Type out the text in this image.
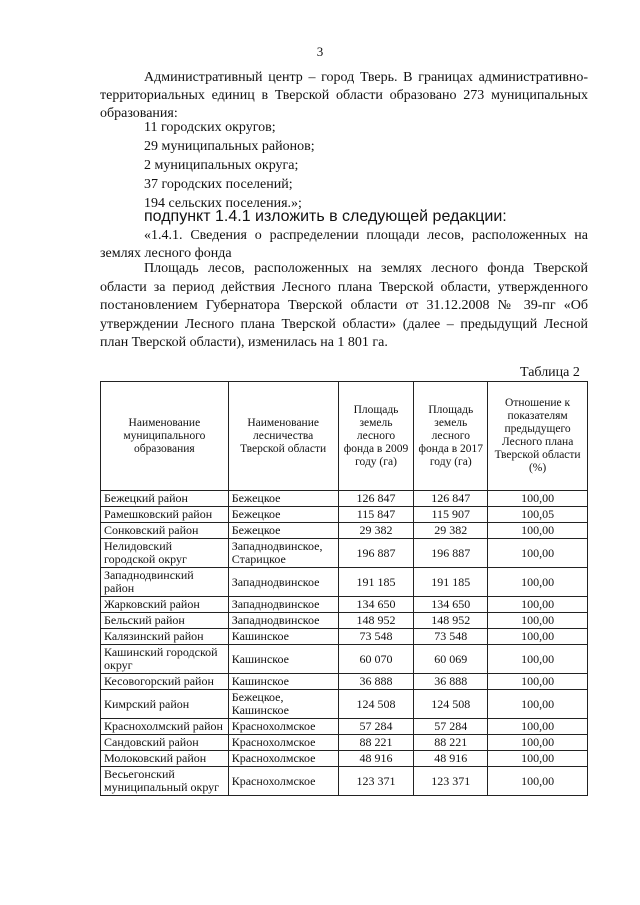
3
Административный центр – город Тверь. В границах административно-территориальных единиц в Тверской области образовано 273 муниципальных образования:
11 городских округов;
29 муниципальных районов;
2 муниципальных округа;
37 городских поселений;
194 сельских поселения.»;
подпункт 1.4.1 изложить в следующей редакции:
«1.4.1. Сведения о распределении площади лесов, расположенных на землях лесного фонда
Площадь лесов, расположенных на землях лесного фонда Тверской области за период действия Лесного плана Тверской области, утвержденного постановлением Губернатора Тверской области от 31.12.2008 № 39-пг «Об утверждении Лесного плана Тверской области» (далее – предыдущий Лесной план Тверской области), изменилась на 1 801 га.
Таблица 2
Наименование муниципального образования	Наименование лесничества Тверской области	Площадь земель лесного фонда в 2009 году (га)	Площадь земель лесного фонда в 2017 году (га)	Отношение к показателям предыдущего Лесного плана Тверской области (%)
Бежецкий район	Бежецкое	126 847	126 847	100,00
Рамешковский район	Бежецкое	115 847	115 907	100,05
Сонковский район	Бежецкое	29 382	29 382	100,00
Нелидовский городской округ	Западнодвинское, Старицкое	196 887	196 887	100,00
Западнодвинский район	Западнодвинское	191 185	191 185	100,00
Жарковский район	Западнодвинское	134 650	134 650	100,00
Бельский район	Западнодвинское	148 952	148 952	100,00
Калязинский район	Кашинское	73 548	73 548	100,00
Кашинский городской округ	Кашинское	60 070	60 069	100,00
Кесовогорский район	Кашинское	36 888	36 888	100,00
Кимрский район	Бежецкое, Кашинское	124 508	124 508	100,00
Краснохолмский район	Краснохолмское	57 284	57 284	100,00
Сандовский район	Краснохолмское	88 221	88 221	100,00
Молоковский район	Краснохолмское	48 916	48 916	100,00
Весьегонский муниципальный округ	Краснохолмское	123 371	123 371	100,00
